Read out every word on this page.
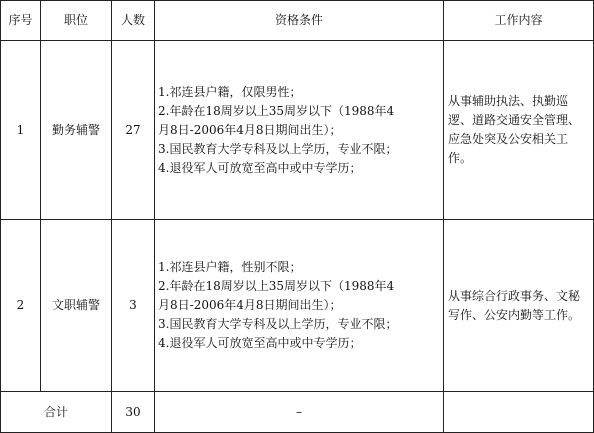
序号	职位	人数	资格条件	工作内容
1	勤务辅警	27	1.祁连县户籍，仅限男性；
2.年龄在18周岁以上35周岁以下（1988年4
月8日-2006年4月8日期间出生）；
3.国民教育大学专科及以上学历，专业不限；
4.退役军人可放宽至高中或中专学历；	从事辅助执法、执勤巡逻、道路交通安全管理、应急处突及公安相关工作。
2	文职辅警	3	1.祁连县户籍，性别不限；
2.年龄在18周岁以上35周岁以下（1988年4
月8日-2006年4月8日期间出生）；
3.国民教育大学专科及以上学历，专业不限；
4.退役军人可放宽至高中或中专学历；	从事综合行政事务、文秘写作、公安内勤等工作。
合计		30	–	
